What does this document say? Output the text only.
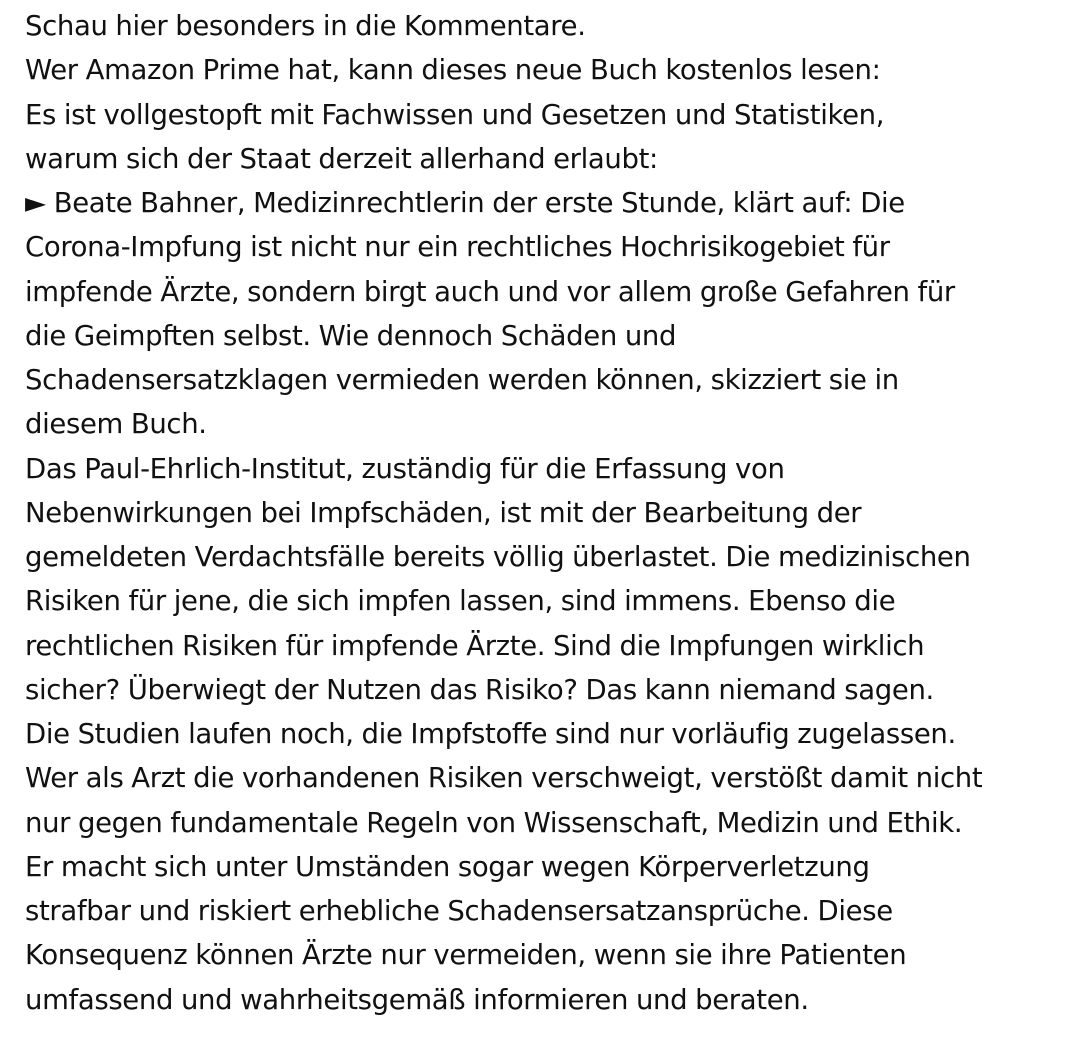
Schau hier besonders in die Kommentare.
Wer Amazon Prime hat, kann dieses neue Buch kostenlos lesen:
Es ist vollgestopft mit Fachwissen und Gesetzen und Statistiken,
warum sich der Staat derzeit allerhand erlaubt:
► Beate Bahner, Medizinrechtlerin der erste Stunde, klärt auf: Die
Corona-Impfung ist nicht nur ein rechtliches Hochrisikogebiet für
impfende Ärzte, sondern birgt auch und vor allem große Gefahren für
die Geimpften selbst. Wie dennoch Schäden und
Schadensersatzklagen vermieden werden können, skizziert sie in
diesem Buch.
Das Paul-Ehrlich-Institut, zuständig für die Erfassung von
Nebenwirkungen bei Impfschäden, ist mit der Bearbeitung der
gemeldeten Verdachtsfälle bereits völlig überlastet. Die medizinischen
Risiken für jene, die sich impfen lassen, sind immens. Ebenso die
rechtlichen Risiken für impfende Ärzte. Sind die Impfungen wirklich
sicher? Überwiegt der Nutzen das Risiko? Das kann niemand sagen.
Die Studien laufen noch, die Impfstoffe sind nur vorläufig zugelassen.
Wer als Arzt die vorhandenen Risiken verschweigt, verstößt damit nicht
nur gegen fundamentale Regeln von Wissenschaft, Medizin und Ethik.
Er macht sich unter Umständen sogar wegen Körperverletzung
strafbar und riskiert erhebliche Schadensersatzansprüche. Diese
Konsequenz können Ärzte nur vermeiden, wenn sie ihre Patienten
umfassend und wahrheitsgemäß informieren und beraten.
